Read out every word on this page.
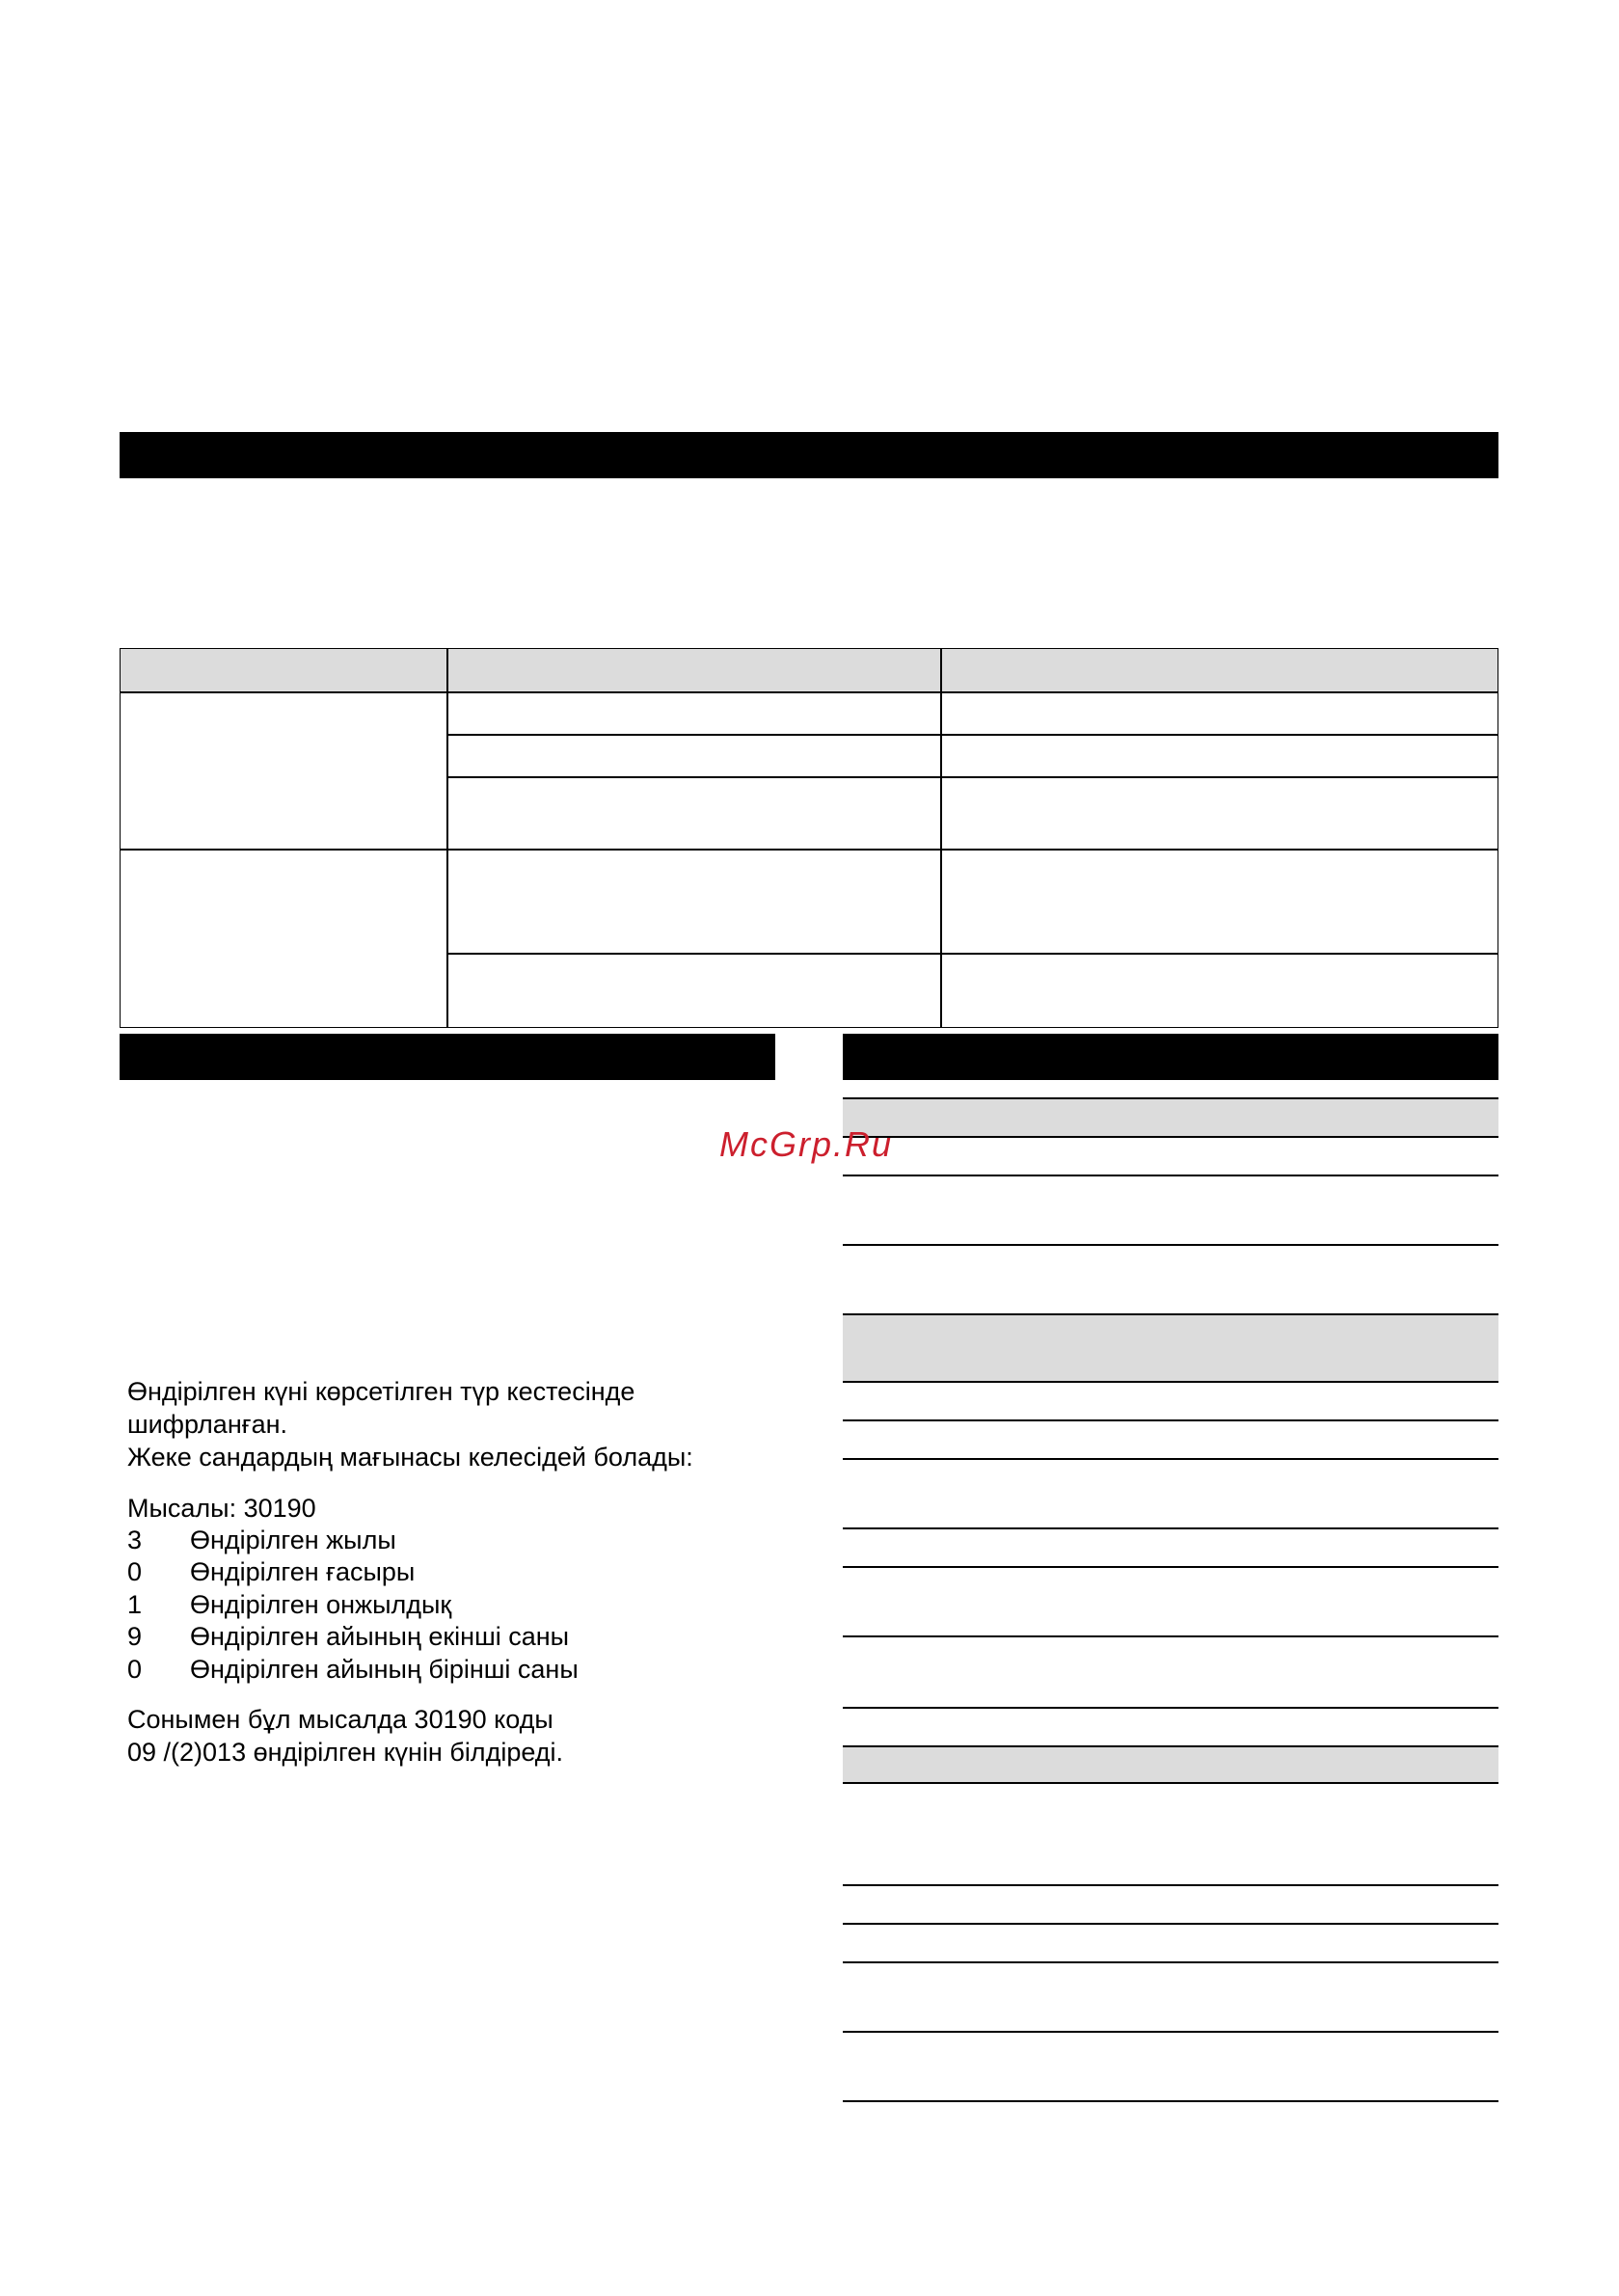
McGrp.Ru

Өндірілген күні көрсетілген түр кестесінде

шифрланған.

Жеке сандардың мағынасы келесідей болады:

Мысалы: 30190
3	Өндірілген жылы
0	Өндірілген ғасыры
1	Өндірілген онжылдық
9	Өндірілген айының екінші саны
0	Өндірілген айының бірінші саны

Сонымен бұл мысалда 30190 коды

09 /(2)013 өндірілген күнін білдіреді.
